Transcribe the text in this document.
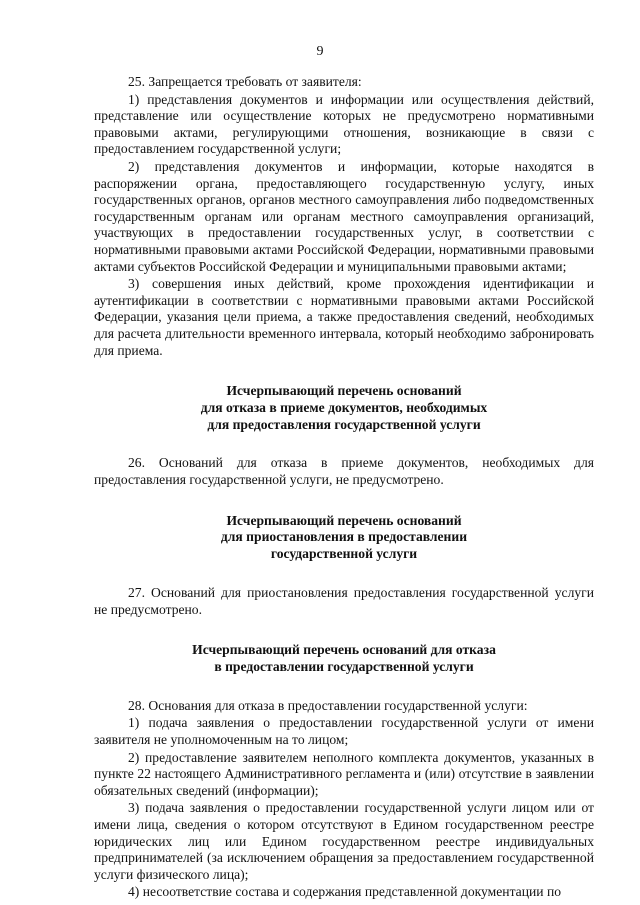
9

25. Запрещается требовать от заявителя:

1) представления документов и информации или осуществления действий, представление или осуществление которых не предусмотрено нормативными правовыми актами, регулирующими отношения, возникающие в связи с предоставлением государственной услуги;

2) представления документов и информации, которые находятся в распоряжении органа, предоставляющего государственную услугу, иных государственных органов, органов местного самоуправления либо подведомственных государственным органам или органам местного самоуправления организаций, участвующих в предоставлении государственных услуг, в соответствии с нормативными правовыми актами Российской Федерации, нормативными правовыми актами субъектов Российской Федерации и муниципальными правовыми актами;

3) совершения иных действий, кроме прохождения идентификации и аутентификации в соответствии с нормативными правовыми актами Российской Федерации, указания цели приема, а также предоставления сведений, необходимых для расчета длительности временного интервала, который необходимо забронировать для приема.

Исчерпывающий перечень оснований
для отказа в приеме документов, необходимых
для предоставления государственной услуги

26. Оснований для отказа в приеме документов, необходимых для предоставления государственной услуги, не предусмотрено.

Исчерпывающий перечень оснований
для приостановления в предоставлении
государственной услуги

27. Оснований для приостановления предоставления государственной услуги не предусмотрено.

Исчерпывающий перечень оснований для отказа
в предоставлении государственной услуги

28. Основания для отказа в предоставлении государственной услуги:

1) подача заявления о предоставлении государственной услуги от имени заявителя не уполномоченным на то лицом;

2) предоставление заявителем неполного комплекта документов, указанных в пункте 22 настоящего Административного регламента и (или) отсутствие в заявлении обязательных сведений (информации);

3) подача заявления о предоставлении государственной услуги лицом или от имени лица, сведения о котором отсутствуют в Едином государственном реестре юридических лиц или Едином государственном реестре индивидуальных предпринимателей (за исключением обращения за предоставлением государственной услуги физического лица);

4) несоответствие состава и содержания представленной документации по
